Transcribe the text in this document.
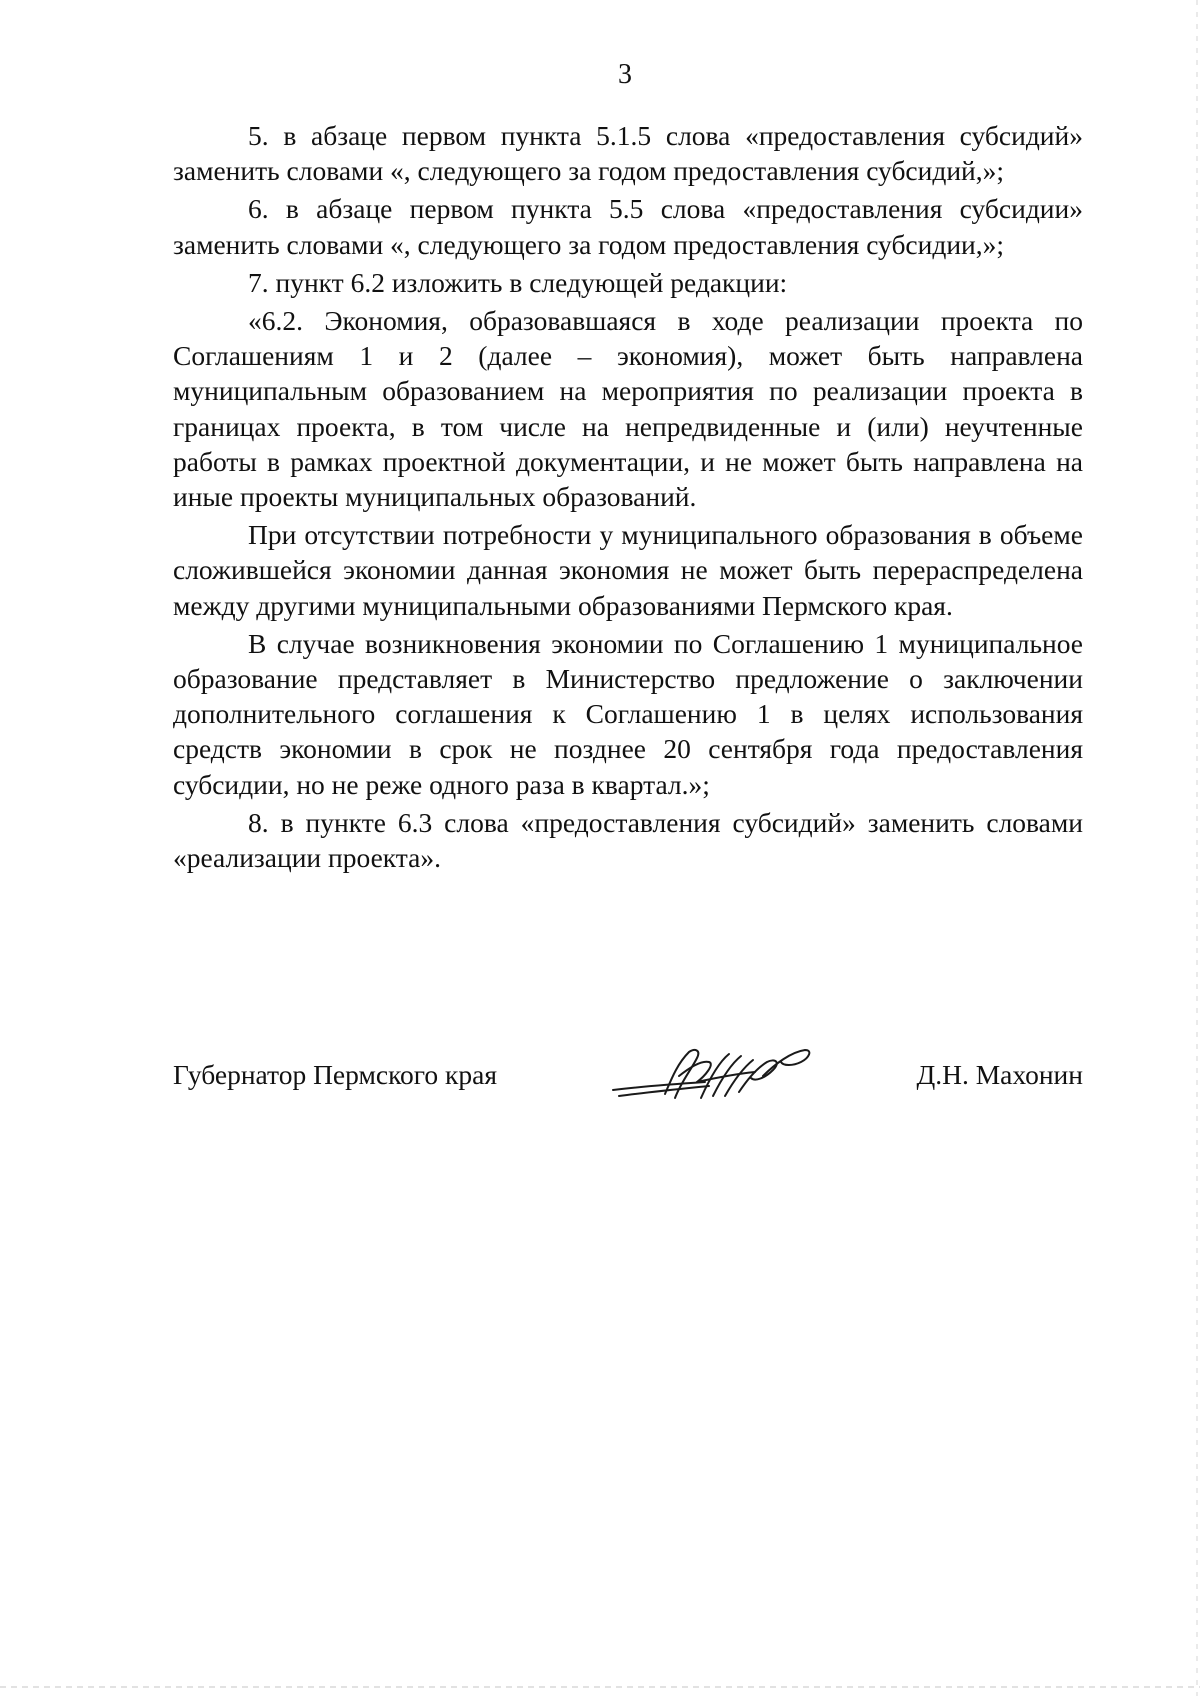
3

5. в абзаце первом пункта 5.1.5 слова «предоставления субсидий» заменить словами «, следующего за годом предоставления субсидий,»;

6. в абзаце первом пункта 5.5 слова «предоставления субсидии» заменить словами «, следующего за годом предоставления субсидии,»;

7. пункт 6.2 изложить в следующей редакции:

«6.2. Экономия, образовавшаяся в ходе реализации проекта по Соглашениям 1 и 2 (далее – экономия), может быть направлена муниципальным образованием на мероприятия по реализации проекта в границах проекта, в том числе на непредвиденные и (или) неучтенные работы в рамках проектной документации, и не может быть направлена на иные проекты муниципальных образований.

При отсутствии потребности у муниципального образования в объеме сложившейся экономии данная экономия не может быть перераспределена между другими муниципальными образованиями Пермского края.

В случае возникновения экономии по Соглашению 1 муниципальное образование представляет в Министерство предложение о заключении дополнительного соглашения к Соглашению 1 в целях использования средств экономии в срок не позднее 20 сентября года предоставления субсидии, но не реже одного раза в квартал.»;

8. в пункте 6.3 слова «предоставления субсидий» заменить словами «реализации проекта».

Губернатор Пермского края	Д.Н. Махонин
